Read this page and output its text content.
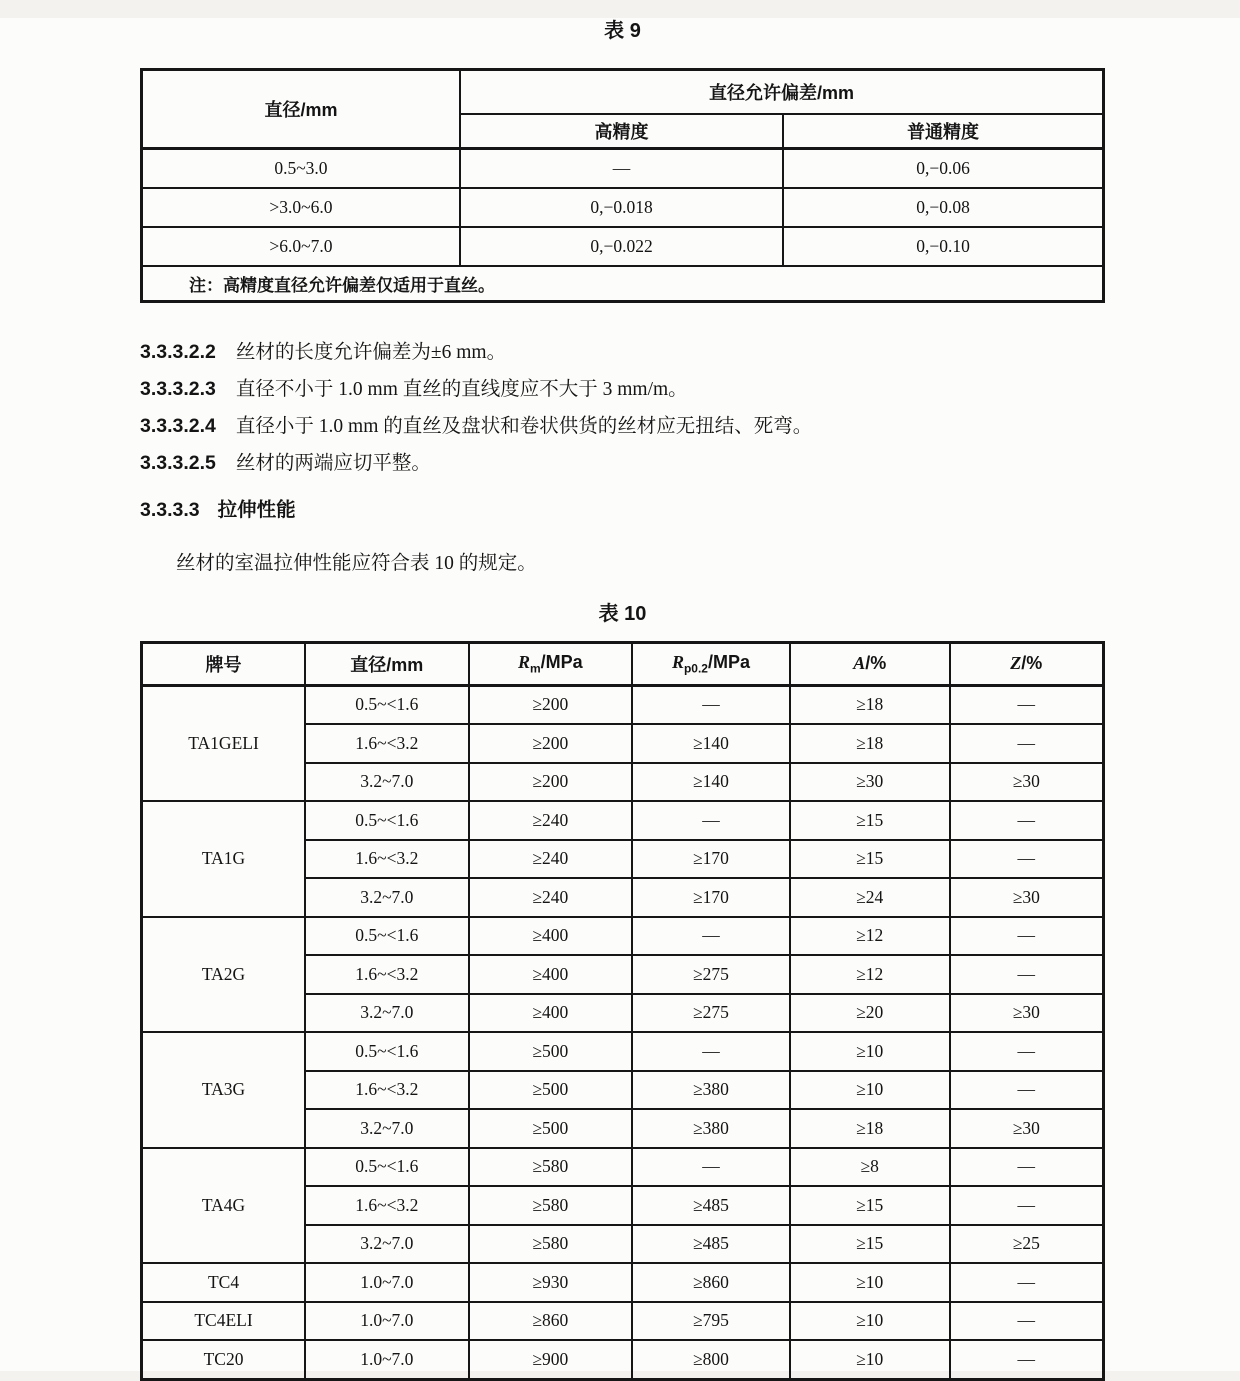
表 9
直径/mm	直径允许偏差/mm	
	高精度	普通精度
0.5~3.0	—	0,−0.06
>3.0~6.0	0,−0.018	0,−0.08
>6.0~7.0	0,−0.022	0,−0.10
注：高精度直径允许偏差仅适用于直丝。		
3.3.3.2.2 丝材的长度允许偏差为±6 mm。
3.3.3.2.3 直径不小于 1.0 mm 直丝的直线度应不大于 3 mm/m。
3.3.3.2.4 直径小于 1.0 mm 的直丝及盘状和卷状供货的丝材应无扭结、死弯。
3.3.3.2.5 丝材的两端应切平整。
3.3.3.3 拉伸性能
丝材的室温拉伸性能应符合表 10 的规定。
表 10
牌号	直径/mm	$R_m$/MPa	$R_{p0.2}$/MPa	A/%	Z/%
TA1GELI	0.5~<1.6	≥200	—	≥18	—
	1.6~<3.2	≥200	≥140	≥18	—
	3.2~7.0	≥200	≥140	≥30	≥30
TA1G	0.5~<1.6	≥240	—	≥15	—
	1.6~<3.2	≥240	≥170	≥15	—
	3.2~7.0	≥240	≥170	≥24	≥30
TA2G	0.5~<1.6	≥400	—	≥12	—
	1.6~<3.2	≥400	≥275	≥12	—
	3.2~7.0	≥400	≥275	≥20	≥30
TA3G	0.5~<1.6	≥500	—	≥10	—
	1.6~<3.2	≥500	≥380	≥10	—
	3.2~7.0	≥500	≥380	≥18	≥30
TA4G	0.5~<1.6	≥580	—	≥8	—
	1.6~<3.2	≥580	≥485	≥15	—
	3.2~7.0	≥580	≥485	≥15	≥25
TC4	1.0~7.0	≥930	≥860	≥10	—
TC4ELI	1.0~7.0	≥860	≥795	≥10	—
TC20	1.0~7.0	≥900	≥800	≥10	—
